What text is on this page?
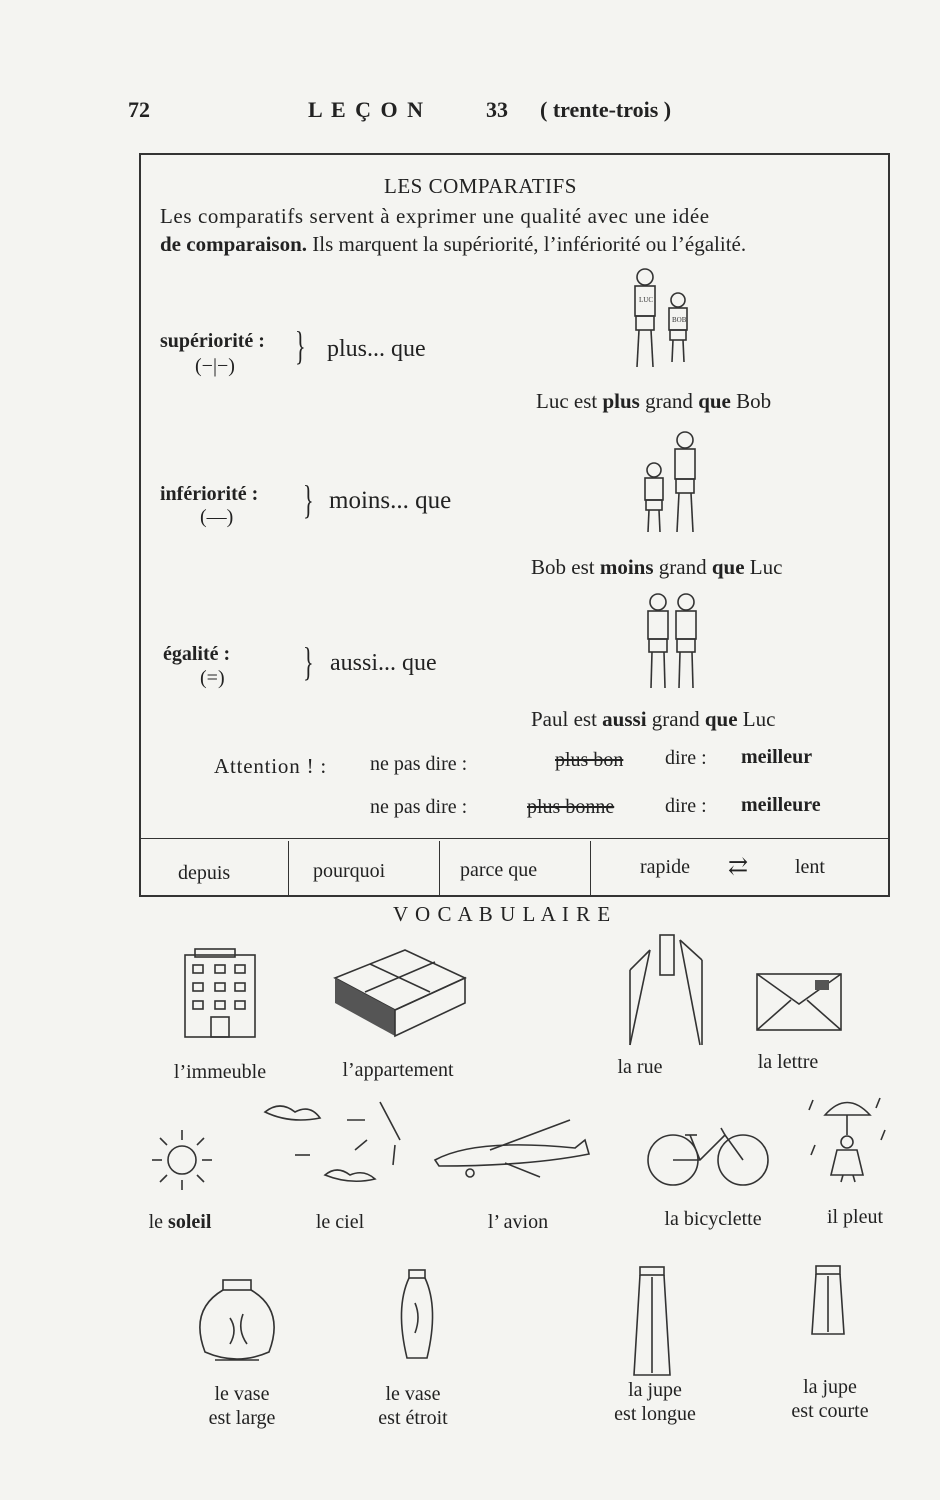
72	L E Ç O N	33 ( trente-trois )
LES COMPARATIFS
Les comparatifs servent à exprimer une qualité avec une idée
de comparaison. Ils marquent la supériorité, l’infériorité ou l’égalité.
supériorité :
(−|−) } plus... que
Luc est plus grand que Bob
infériorité :
(—) } moins... que
Bob est moins grand que Luc
égalité :
(=) } aussi... que
Paul est aussi grand que Luc
Attention ! : ne pas dire :	plus bon dire : meilleur
ne pas dire :	plus bonne	dire : meilleure
LUC
BOB
depuis	pourquoi	parce que	rapide ⇄ lent
V O C A B U L A I R E
l’immeuble	l’appartement	la rue	la lettre
le soleil	le ciel	l’ avion	la bicyclette	il pleut
le vase
est large
le vase
est étroit
la jupe
est longue
la jupe
est courte
